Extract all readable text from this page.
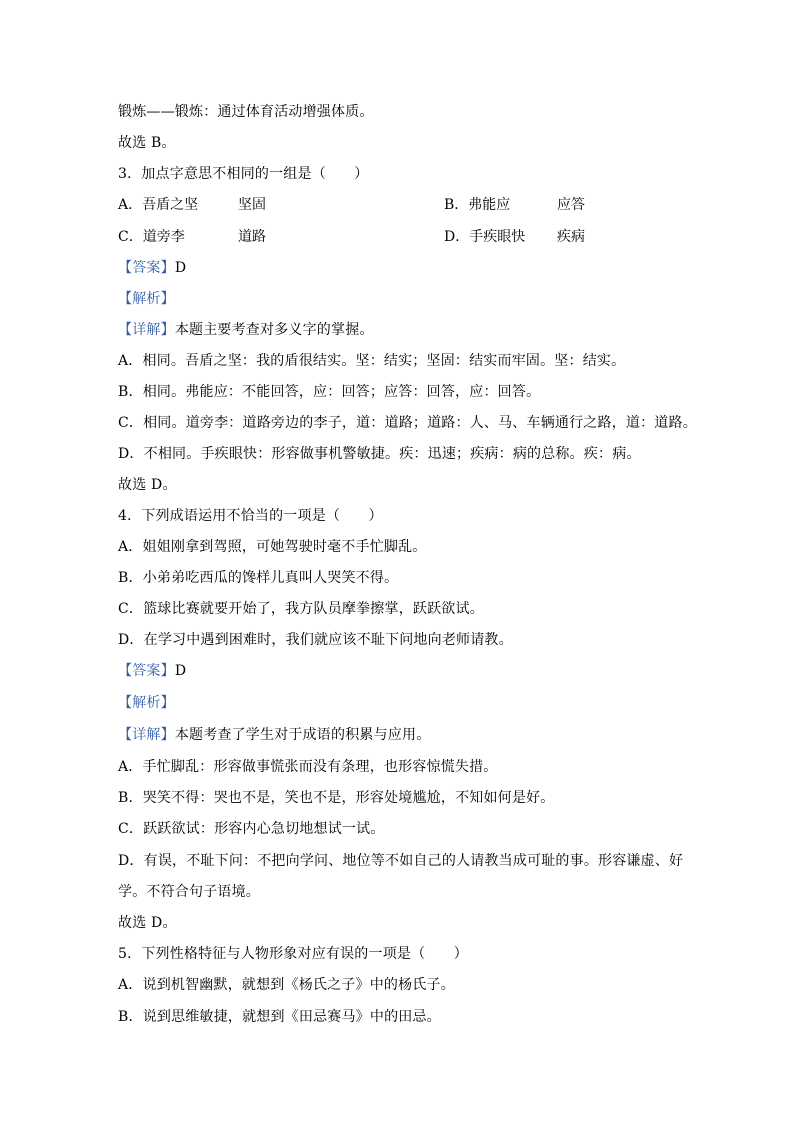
锻炼——锻炼：通过体育活动增强体质。
故选 B。
3．加点字意思不相同的一组是（　　）
A．吾盾之坚	坚固	B．弗能应	应答
C．道旁李	道路	D．手疾眼快 疾病
【答案】D
【解析】
【详解】本题主要考查对多义字的掌握。
A．相同。吾盾之坚：我的盾很结实。坚：结实；坚固：结实而牢固。坚：结实。
B．相同。弗能应：不能回答，应：回答；应答：回答，应：回答。
C．相同。道旁李：道路旁边的李子，道：道路；道路：人、马、车辆通行之路，道：道路。
D．不相同。手疾眼快：形容做事机警敏捷。疾：迅速；疾病：病的总称。疾：病。
故选 D。
4．下列成语运用不恰当的一项是（　　）
A．姐姐刚拿到驾照，可她驾驶时毫不手忙脚乱。
B．小弟弟吃西瓜的馋样儿真叫人哭笑不得。
C．篮球比赛就要开始了，我方队员摩拳擦掌，跃跃欲试。
D．在学习中遇到困难时，我们就应该不耻下问地向老师请教。
【答案】D
【解析】
【详解】本题考查了学生对于成语的积累与应用。
A．手忙脚乱：形容做事慌张而没有条理，也形容惊慌失措。
B．哭笑不得：哭也不是，笑也不是，形容处境尴尬，不知如何是好。
C．跃跃欲试：形容内心急切地想试一试。
D．有误，不耻下问：不把向学问、地位等不如自己的人请教当成可耻的事。形容谦虚、好
学。不符合句子语境。
故选 D。
5．下列性格特征与人物形象对应有误的一项是（　　）
A．说到机智幽默，就想到《杨氏之子》中的杨氏子。
B．说到思维敏捷，就想到《田忌赛马》中的田忌。
